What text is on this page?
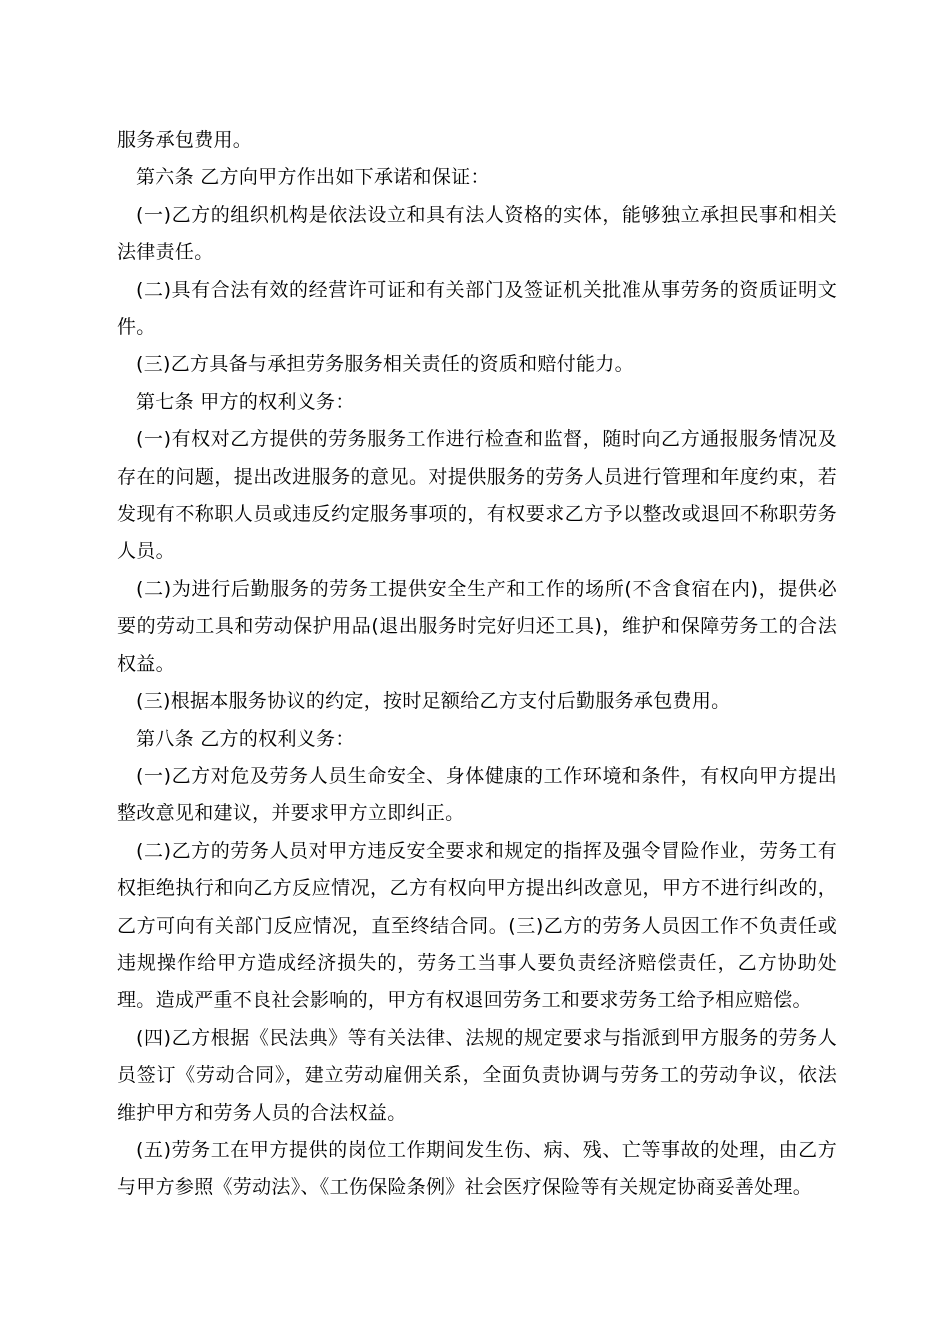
服务承包费用。

第六条 乙方向甲方作出如下承诺和保证：

(一)乙方的组织机构是依法设立和具有法人资格的实体，能够独立承担民事和相关法律责任。

(二)具有合法有效的经营许可证和有关部门及签证机关批准从事劳务的资质证明文件。

(三)乙方具备与承担劳务服务相关责任的资质和赔付能力。

第七条 甲方的权利义务：

(一)有权对乙方提供的劳务服务工作进行检查和监督，随时向乙方通报服务情况及存在的问题，提出改进服务的意见。对提供服务的劳务人员进行管理和年度约束，若发现有不称职人员或违反约定服务事项的，有权要求乙方予以整改或退回不称职劳务人员。

(二)为进行后勤服务的劳务工提供安全生产和工作的场所(不含食宿在内)，提供必要的劳动工具和劳动保护用品(退出服务时完好归还工具)，维护和保障劳务工的合法权益。

(三)根据本服务协议的约定，按时足额给乙方支付后勤服务承包费用。

第八条 乙方的权利义务：

(一)乙方对危及劳务人员生命安全、身体健康的工作环境和条件，有权向甲方提出整改意见和建议，并要求甲方立即纠正。

(二)乙方的劳务人员对甲方违反安全要求和规定的指挥及强令冒险作业，劳务工有权拒绝执行和向乙方反应情况，乙方有权向甲方提出纠改意见，甲方不进行纠改的，乙方可向有关部门反应情况，直至终结合同。(三)乙方的劳务人员因工作不负责任或违规操作给甲方造成经济损失的，劳务工当事人要负责经济赔偿责任，乙方协助处理。造成严重不良社会影响的，甲方有权退回劳务工和要求劳务工给予相应赔偿。

(四)乙方根据《民法典》等有关法律、法规的规定要求与指派到甲方服务的劳务人员签订《劳动合同》，建立劳动雇佣关系，全面负责协调与劳务工的劳动争议，依法维护甲方和劳务人员的合法权益。

(五)劳务工在甲方提供的岗位工作期间发生伤、病、残、亡等事故的处理，由乙方与甲方参照《劳动法》、《工伤保险条例》社会医疗保险等有关规定协商妥善处理。
